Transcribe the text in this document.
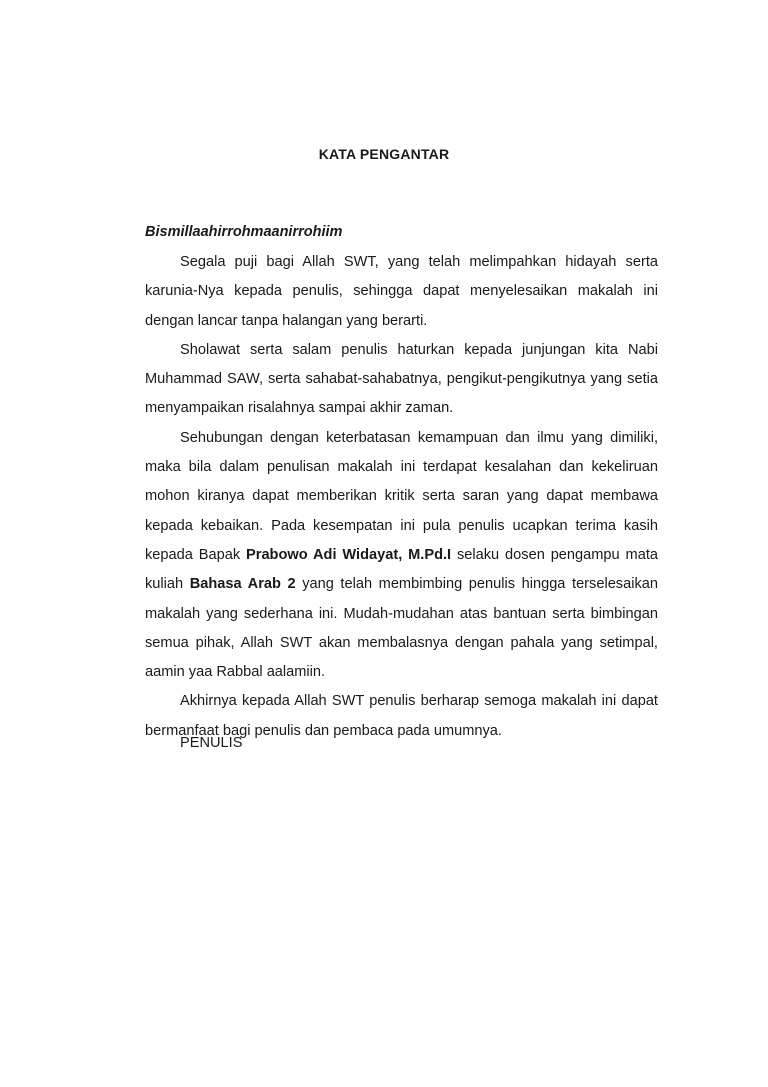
KATA PENGANTAR
Bismillaahirrohmaanirrohiim

Segala puji bagi Allah SWT, yang telah melimpahkan hidayah serta karunia-Nya kepada penulis, sehingga dapat menyelesaikan makalah ini dengan lancar tanpa halangan yang berarti.

Sholawat serta salam penulis haturkan kepada junjungan kita Nabi Muhammad SAW, serta sahabat-sahabatnya, pengikut-pengikutnya yang setia menyampaikan risalahnya sampai akhir zaman.

Sehubungan dengan keterbatasan kemampuan dan ilmu yang dimiliki, maka bila dalam penulisan makalah ini terdapat kesalahan dan kekeliruan mohon kiranya dapat memberikan kritik serta saran yang dapat membawa kepada kebaikan. Pada kesempatan ini pula penulis ucapkan terima kasih kepada Bapak Prabowo Adi Widayat, M.Pd.I selaku dosen pengampu mata kuliah Bahasa Arab 2 yang telah membimbing penulis hingga terselesaikan makalah yang sederhana ini. Mudah-mudahan atas bantuan serta bimbingan semua pihak, Allah SWT akan membalasnya dengan pahala yang setimpal, aamin yaa Rabbal aalamiin.

Akhirnya kepada Allah SWT penulis berharap semoga makalah ini dapat bermanfaat bagi penulis dan pembaca pada umumnya.

PENULIS
